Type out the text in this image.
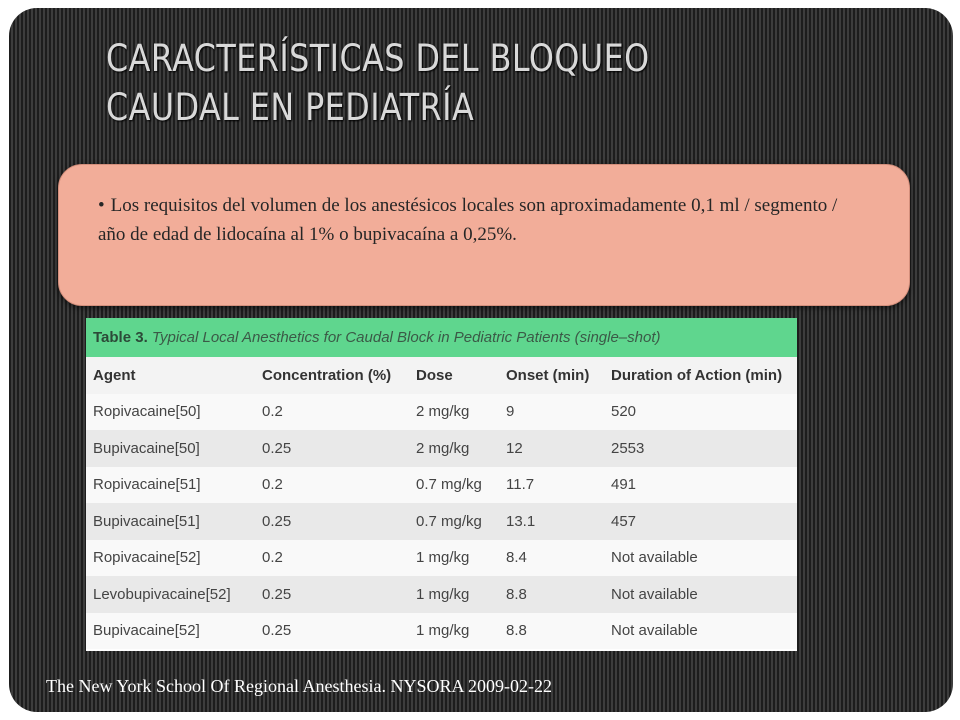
CARACTERÍSTICAS DEL BLOQUEO
CAUDAL EN PEDIATRÍA
• Los requisitos del volumen de los anestésicos locales son aproximadamente 0,1 ml / segmento / año de edad de lidocaína al 1% o bupivacaína a 0,25%.
Table 3. Typical Local Anesthetics for Caudal Block in Pediatric Patients (single–shot)
Agent	Concentration (%)	Dose	Onset (min)	Duration of Action (min)
Ropivacaine[50]	0.2	2 mg/kg	9	520
Bupivacaine[50]	0.25	2 mg/kg	12	2553
Ropivacaine[51]	0.2	0.7 mg/kg	11.7	491
Bupivacaine[51]	0.25	0.7 mg/kg	13.1	457
Ropivacaine[52]	0.2	1 mg/kg	8.4	Not available
Levobupivacaine[52]	0.25	1 mg/kg	8.8	Not available
Bupivacaine[52]	0.25	1 mg/kg	8.8	Not available
The New York School Of Regional Anesthesia. NYSORA 2009-02-22
